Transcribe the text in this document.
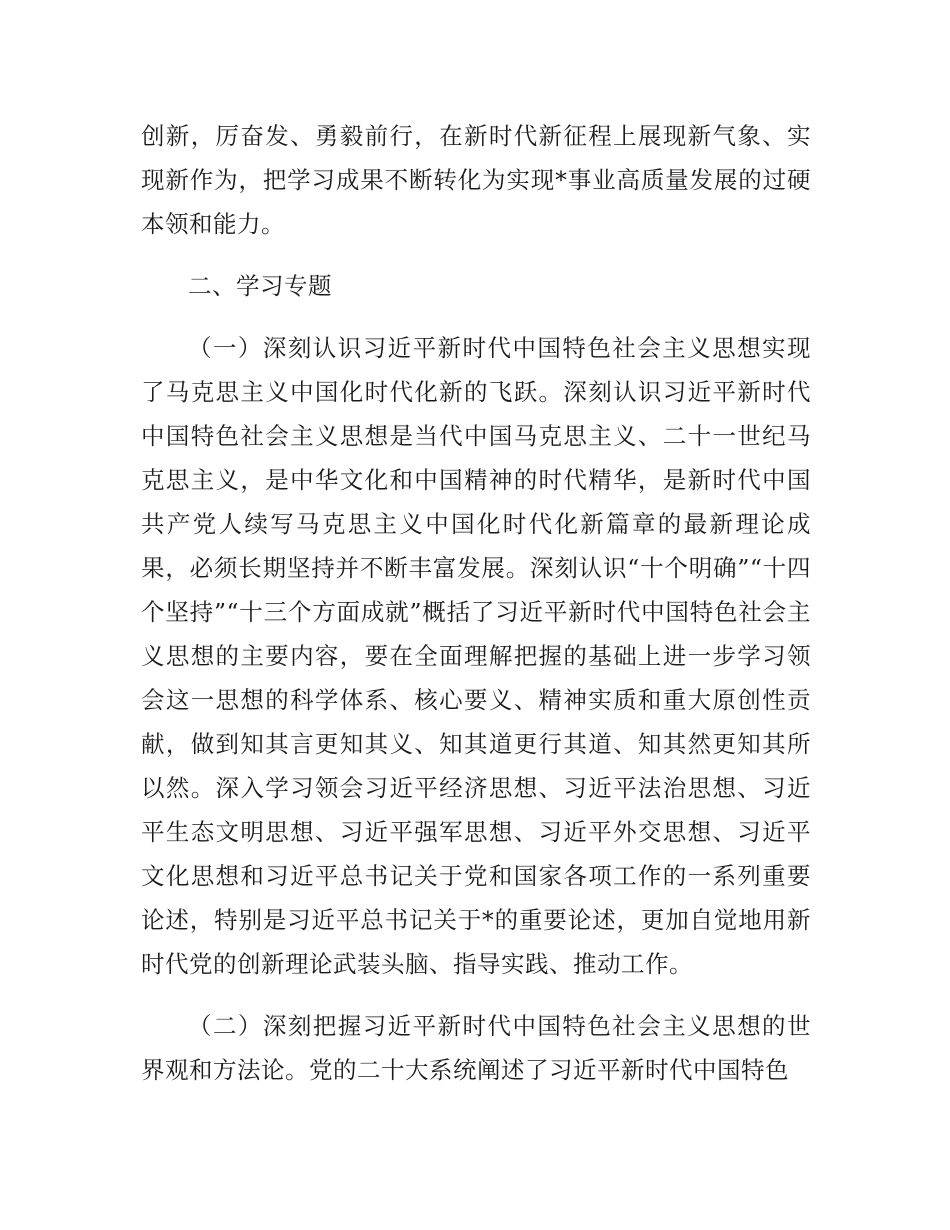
创新，厉奋发、勇毅前行，在新时代新征程上展现新气象、实现新作为，把学习成果不断转化为实现*事业高质量发展的过硬本领和能力。

二、学习专题

（一）深刻认识习近平新时代中国特色社会主义思想实现了马克思主义中国化时代化新的飞跃。深刻认识习近平新时代中国特色社会主义思想是当代中国马克思主义、二十一世纪马克思主义，是中华文化和中国精神的时代精华，是新时代中国共产党人续写马克思主义中国化时代化新篇章的最新理论成果，必须长期坚持并不断丰富发展。深刻认识“十个明确”“十四个坚持”“十三个方面成就”概括了习近平新时代中国特色社会主义思想的主要内容，要在全面理解把握的基础上进一步学习领会这一思想的科学体系、核心要义、精神实质和重大原创性贡献，做到知其言更知其义、知其道更行其道、知其然更知其所以然。深入学习领会习近平经济思想、习近平法治思想、习近平生态文明思想、习近平强军思想、习近平外交思想、习近平文化思想和习近平总书记关于党和国家各项工作的一系列重要论述，特别是习近平总书记关于*的重要论述，更加自觉地用新时代党的创新理论武装头脑、指导实践、推动工作。

（二）深刻把握习近平新时代中国特色社会主义思想的世界观和方法论。党的二十大系统阐述了习近平新时代中国特色
